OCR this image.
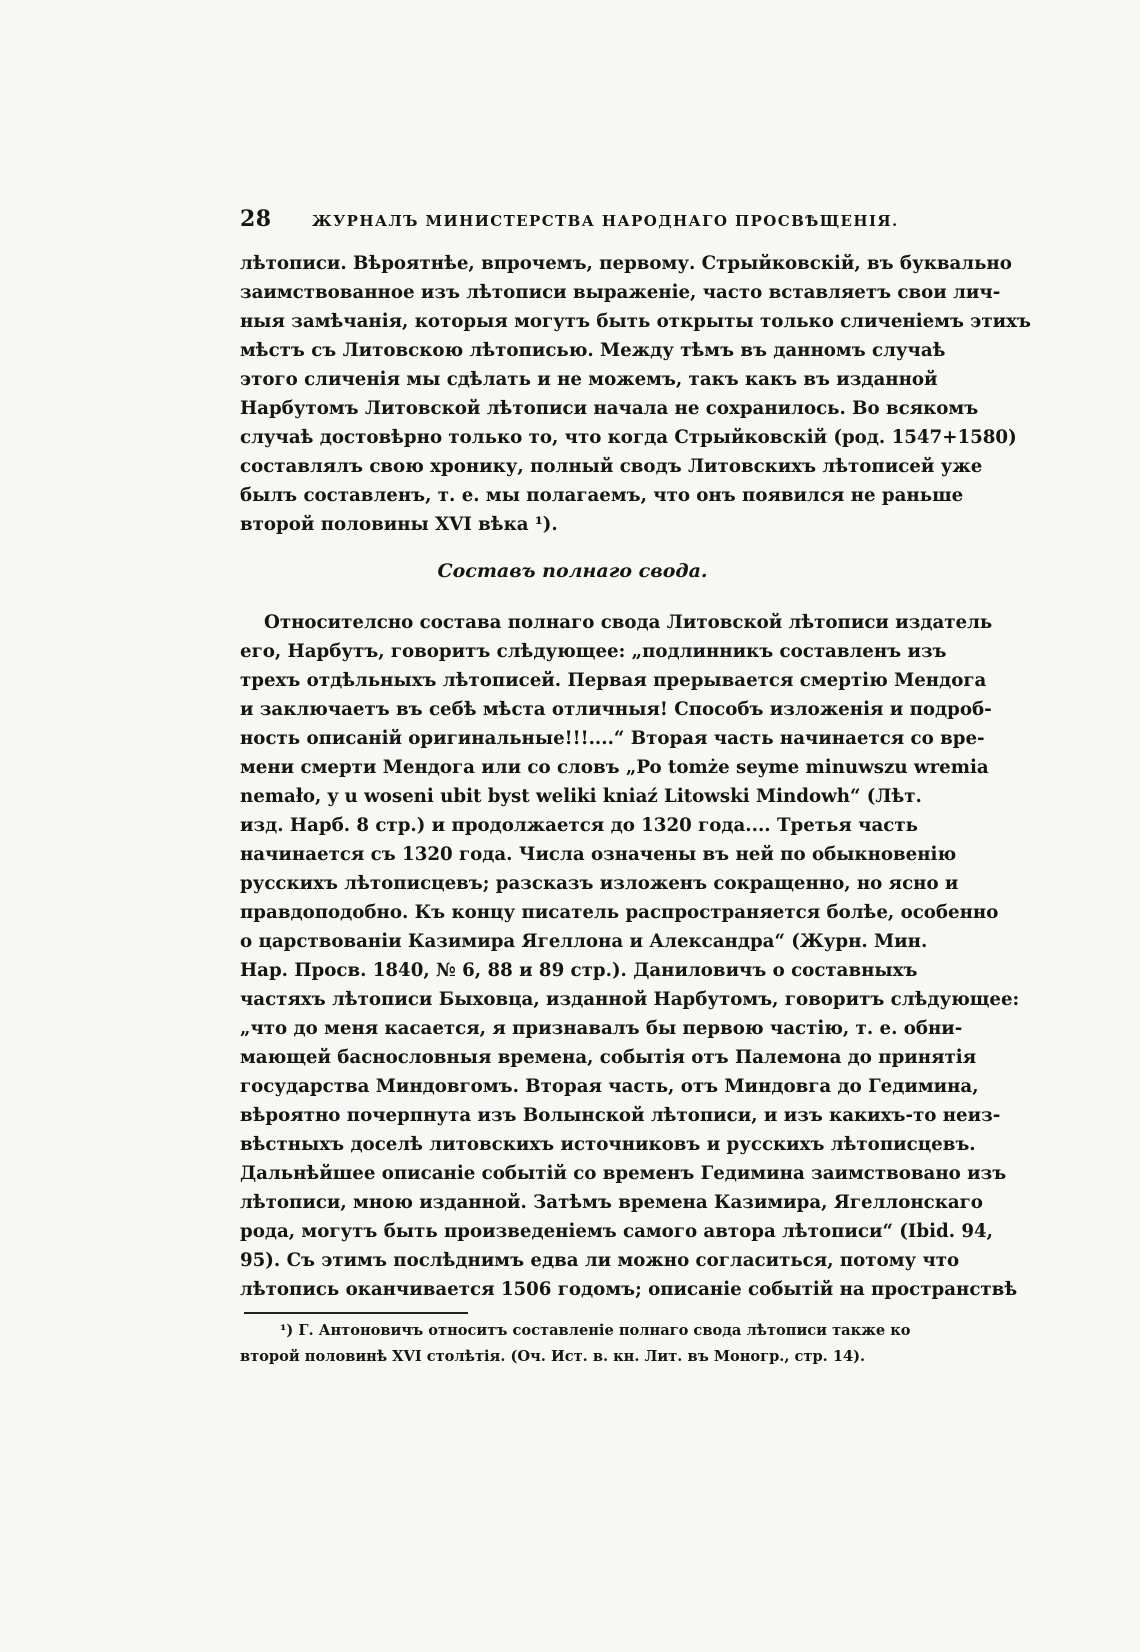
28	ЖУРНАЛЪ МИНИСТЕРСТВА НАРОДНАГО ПРОСВѢЩЕНІЯ.
лѣтописи. Вѣроятнѣе, впрочемъ, первому. Стрыйковскій, въ буквально
заимствованное изъ лѣтописи выраженіе, часто вставляетъ свои лич-
ныя замѣчанія, которыя могутъ быть открыты только сличеніемъ этихъ
мѣстъ съ Литовскою лѣтописью. Между тѣмъ въ данномъ случаѣ
этого сличенія мы сдѣлать и не можемъ, такъ какъ въ изданной
Нарбутомъ Литовской лѣтописи начала не сохранилось. Во всякомъ
случаѣ достовѣрно только то, что когда Стрыйковскій (род. 1547+1580)
составлялъ свою хронику, полный сводъ Литовскихъ лѣтописей уже
былъ составленъ, т. е. мы полагаемъ, что онъ появился не раньше
второй половины XVI вѣка ¹).
Составъ полнаго свода.
Относителсно состава полнаго свода Литовской лѣтописи издатель
его, Нарбутъ, говоритъ слѣдующее: „подлинникъ составленъ изъ
трехъ отдѣльныхъ лѣтописей. Первая прерывается смертію Мендога
и заключаетъ въ себѣ мѣста отличныя! Способъ изложенія и подроб-
ность описаній оригинальные!!!....“ Вторая часть начинается со вре-
мени смерти Мендога или со словъ „Po tomże seyme minuwszu wremia
nemało, y u woseni ubit byst weliki kniaź Litowski Mindowh“ (Лѣт.
изд. Нарб. 8 стр.) и продолжается до 1320 года.... Третья часть
начинается съ 1320 года. Числа означены въ ней по обыкновенію
русскихъ лѣтописцевъ; разсказъ изложенъ сокращенно, но ясно и
правдоподобно. Къ концу писатель распространяется болѣе, особенно
о царствованіи Казимира Ягеллона и Александра“ (Журн. Мин.
Нар. Просв. 1840, № 6, 88 и 89 стр.). Даниловичъ о составныхъ
частяхъ лѣтописи Быховца, изданной Нарбутомъ, говоритъ слѣдующее:
„что до меня касается, я признавалъ бы первою частію, т. е. обни-
мающей баснословныя времена, событія отъ Палемона до принятія
государства Миндовгомъ. Вторая часть, отъ Миндовга до Гедимина,
вѣроятно почерпнута изъ Волынской лѣтописи, и изъ какихъ-то неиз-
вѣстныхъ доселѣ литовскихъ источниковъ и русскихъ лѣтописцевъ.
Дальнѣйшее описаніе событій со временъ Гедимина заимствовано изъ
лѣтописи, мною изданной. Затѣмъ времена Казимира, Ягеллонскаго
рода, могутъ быть произведеніемъ самого автора лѣтописи“ (Ibid. 94,
95). Съ этимъ послѣднимъ едва ли можно согласиться, потому что
лѣтопись оканчивается 1506 годомъ; описаніе событій на пространствѣ
¹) Г. Антоновичъ относитъ составленіе полнаго свода лѣтописи также ко
второй половинѣ XVI столѣтія. (Оч. Ист. в. кн. Лит. въ Моногр., стр. 14).
